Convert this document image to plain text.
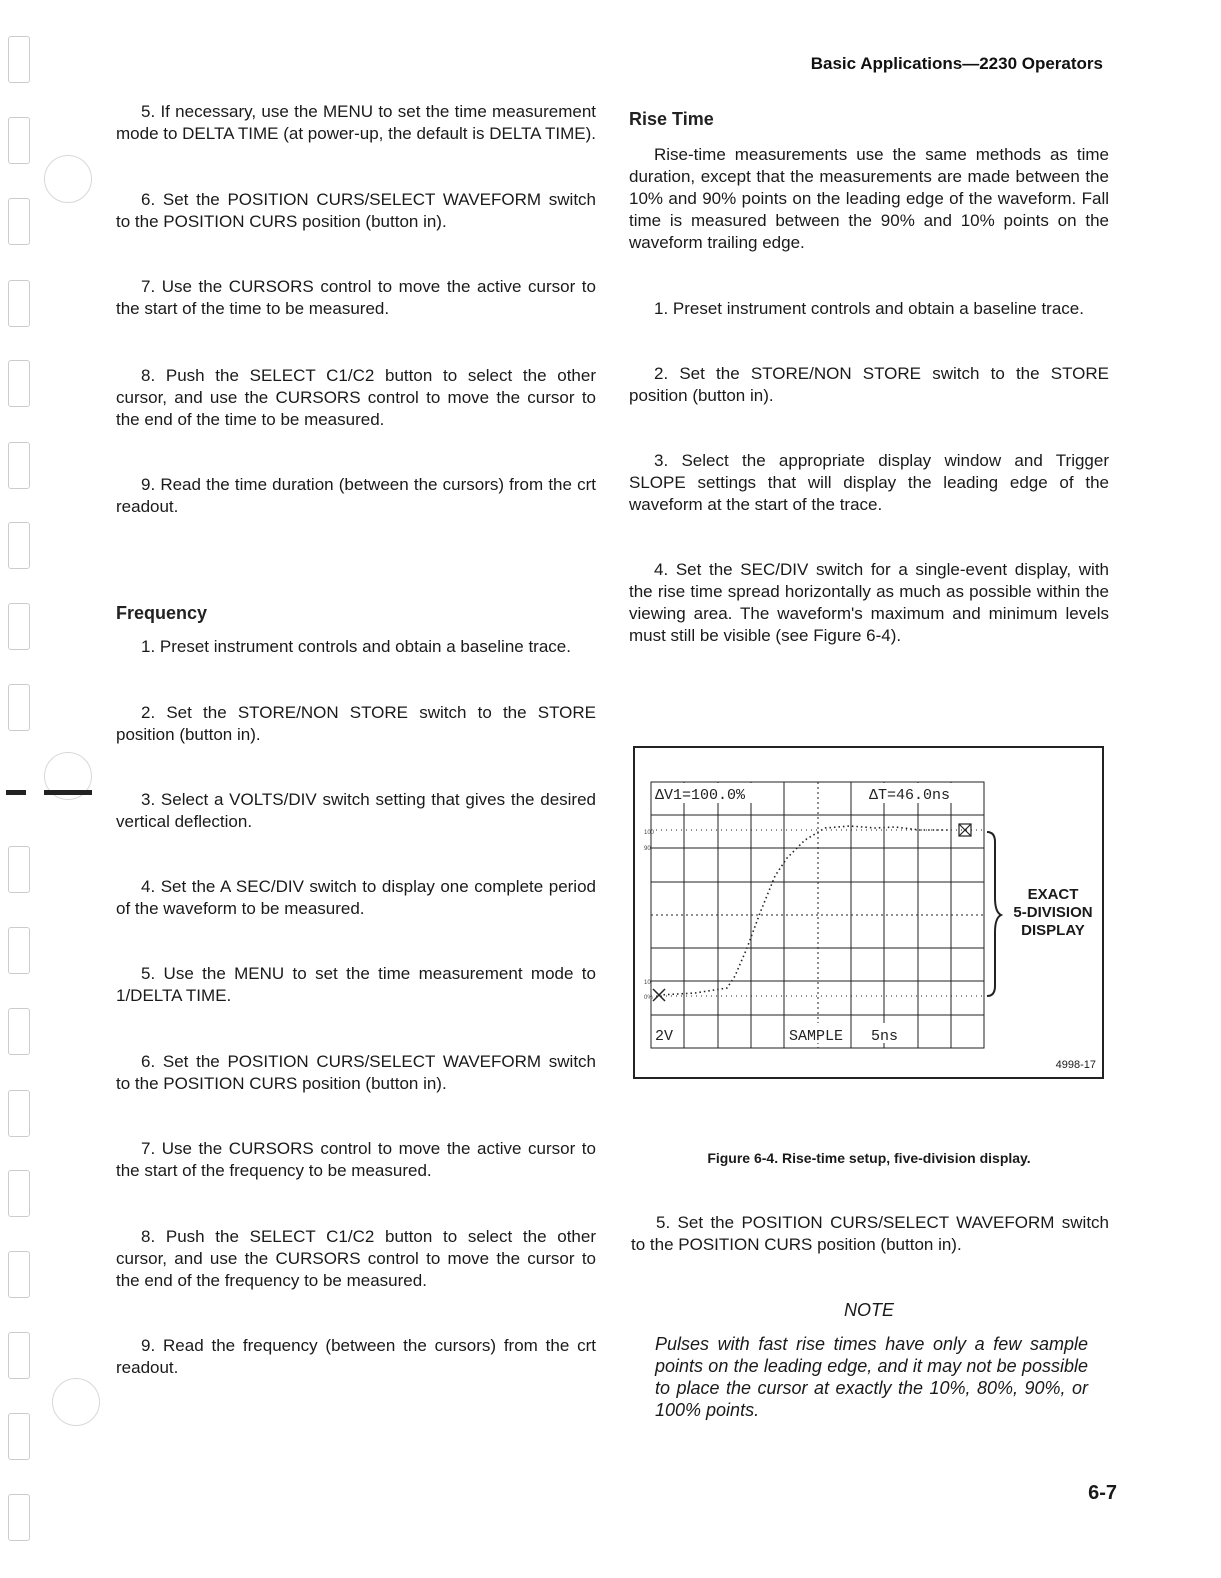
Basic Applications—2230 Operators

5. If necessary, use the MENU to set the time measurement mode to DELTA TIME (at power-up, the default is DELTA TIME).

6. Set the POSITION CURS/SELECT WAVEFORM switch to the POSITION CURS position (button in).

7. Use the CURSORS control to move the active cursor to the start of the time to be measured.

8. Push the SELECT C1/C2 button to select the other cursor, and use the CURSORS control to move the cursor to the end of the time to be measured.

9. Read the time duration (between the cursors) from the crt readout.

Frequency

1. Preset instrument controls and obtain a baseline trace.

2. Set the STORE/NON STORE switch to the STORE position (button in).

3. Select a VOLTS/DIV switch setting that gives the desired vertical deflection.

4. Set the A SEC/DIV switch to display one complete period of the waveform to be measured.

5. Use the MENU to set the time measurement mode to 1/DELTA TIME.

6. Set the POSITION CURS/SELECT WAVEFORM switch to the POSITION CURS position (button in).

7. Use the CURSORS control to move the active cursor to the start of the frequency to be measured.

8. Push the SELECT C1/C2 button to select the other cursor, and use the CURSORS control to move the cursor to the end of the frequency to be measured.

9. Read the frequency (between the cursors) from the crt readout.

Rise Time

Rise-time measurements use the same methods as time duration, except that the measurements are made between the 10% and 90% points on the leading edge of the waveform. Fall time is measured between the 90% and 10% points on the waveform trailing edge.

1. Preset instrument controls and obtain a baseline trace.

2. Set the STORE/NON STORE switch to the STORE position (button in).

3. Select the appropriate display window and Trigger SLOPE settings that will display the leading edge of the waveform at the start of the trace.

4. Set the SEC/DIV switch for a single-event display, with the rise time spread horizontally as much as possible within the viewing area. The waveform's maximum and minimum levels must still be visible (see Figure 6-4).

ΔV1=100.0%	ΔT=46.0ns
2V	SAMPLE 5ns
100
90
10
0%
EXACT
5-DIVISION
DISPLAY
4998-17
Figure 6-4. Rise-time setup, five-division display.

5. Set the POSITION CURS/SELECT WAVEFORM switch to the POSITION CURS position (button in).

NOTE
Pulses with fast rise times have only a few sample points on the leading edge, and it may not be possible to place the cursor at exactly the 10%, 80%, 90%, or 100% points.
6-7
